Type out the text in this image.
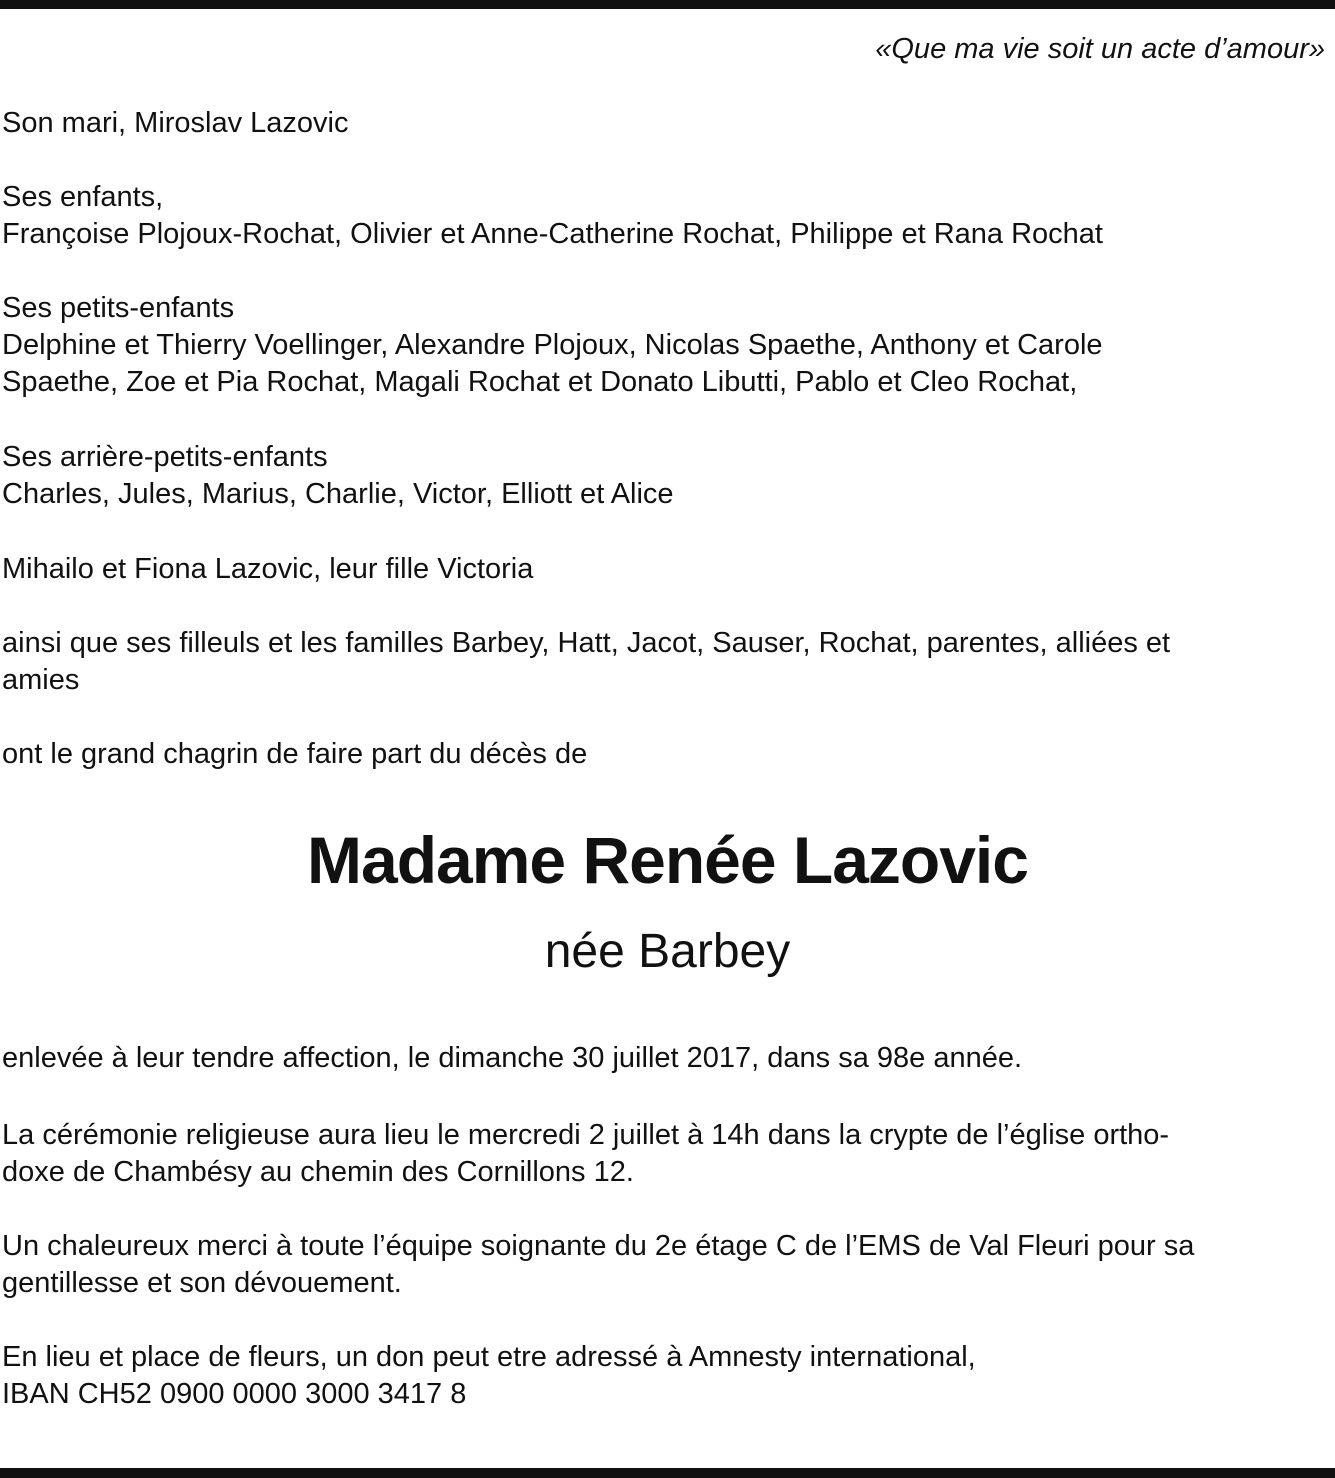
«Que ma vie soit un acte d’amour»

Son mari, Miroslav Lazovic

Ses enfants,
Françoise Plojoux-Rochat, Olivier et Anne-Catherine Rochat, Philippe et Rana Rochat

Ses petits-enfants
Delphine et Thierry Voellinger, Alexandre Plojoux, Nicolas Spaethe, Anthony et Carole
Spaethe, Zoe et Pia Rochat, Magali Rochat et Donato Libutti, Pablo et Cleo Rochat,

Ses arrière-petits-enfants
Charles, Jules, Marius, Charlie, Victor, Elliott et Alice

Mihailo et Fiona Lazovic, leur fille Victoria

ainsi que ses filleuls et les familles Barbey, Hatt, Jacot, Sauser, Rochat, parentes, alliées et
amies

ont le grand chagrin de faire part du décès de

Madame Renée Lazovic
née Barbey

enlevée à leur tendre affection, le dimanche 30 juillet 2017, dans sa 98e année.

La cérémonie religieuse aura lieu le mercredi 2 juillet à 14h dans la crypte de l’église ortho-
doxe de Chambésy au chemin des Cornillons 12.

Un chaleureux merci à toute l’équipe soignante du 2e étage C de l’EMS de Val Fleuri pour sa
gentillesse et son dévouement.

En lieu et place de fleurs, un don peut etre adressé à Amnesty international,
IBAN CH52 0900 0000 3000 3417 8
